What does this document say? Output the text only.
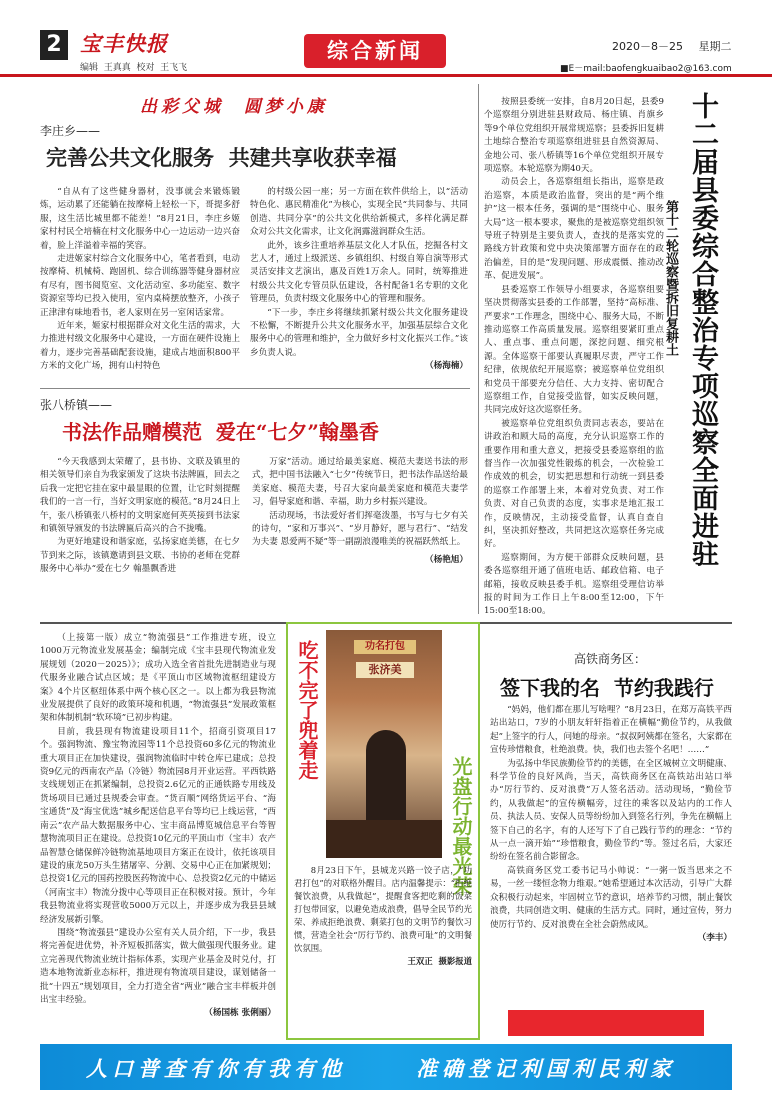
2 宝丰快报
编辑  王真真  校对  王飞飞
综合新闻	2020－8－25 星期二
■E－mail:baofengkuaibao2@163.com
出彩父城  圆梦小康
李庄乡——
完善公共文化服务  共建共享收获幸福

“自从有了这些健身器材，没事就会来锻炼锻炼，运动累了还能躺在按摩椅上轻松一下，哥提多舒服，这生活比城里都不能差！”8月21日，李庄乡姬家村村民仝培楠在村文化服务中心一边运动一边兴奋着，脸上洋溢着幸福的笑容。

走进姬家村综合文化服务中心，笔者看到，电动按摩椅、机械椅、跑固机、综合训练器等健身器材应有尽有，图书阅览室、文化活动室、多功能室、数字资源室等均已投入使用，室内桌椅摆放整齐，小孩子正津津有味地看书，老人家则在另一室闲话家常。

近年来，姬家村根据群众对文化生活的需求，大力推进村级文化服务中心建设，一方面在硬件设施上着力，逐步完善基础配套设施，建成占地面积800平方米的文化广场，拥有山村特色

的村级公园一座；另一方面在软件供给上，以“活动特色化、惠民精准化”为核心，实现全民“共同参与、共同创造、共同分享”的公共文化供给新模式，多样化满足群众对公共文化需求，让文化润露滋润群众生活。

此外，该乡注重培养基层文化人才队伍，挖掘各村文艺人才，通过上级派送、乡镇组织、村级自筹自演等形式灵活安排文艺演出，惠及百姓1万余人。同时，统筹推进村级公共文化专管员队伍建设，各村配备1名专职的文化管理员，负责村级文化服务中心的管理和服务。

“下一步，李庄乡将继续抓紧村级公共文化服务建设不松懈，不断提升公共文化服务水平，加强基层综合文化服务中心的管理和维护，全力做好乡村文化振兴工作。”该乡负责人说。

（杨海楠）
张八桥镇——
书法作品赠模范  爱在“七夕”翰墨香

“今天我感到太荣耀了，县书协、文联及镇里的相关领导们亲自为我家颁发了这块书法牌匾，回去之后我一定把它挂在家中最显眼的位置，让它时刻提醒我们的一言一行，当好文明家庭的模范。”8月24日上午，张八桥镇张八桥村的文明家庭何英英接到书法家和镇领导颁发的书法牌匾后高兴的合不拢嘴。

为更好地建设和谐家庭，弘扬家庭美德，在七夕节到来之际，该镇邀请到县文联、书协的老师在党群服务中心举办“爱在七夕 翰墨飘香进

万家”活动。通过给最美家庭、模范夫妻送书法的形式，把中国书法融入“七夕”传统节日，把书法作品送给最美家庭、模范夫妻，号召大家向最美家庭和模范夫妻学习，倡导家庭和谐、幸福，助力乡村振兴建设。

活动现场，书法爱好者们挥毫泼墨，书写与七夕有关的诗句，“家和万事兴”、“岁月静好，愿与君行”、“结发为夫妻 恩爱两不疑”等一副副浪漫唯美的祝福跃然纸上。

（杨艳旭）

按照县委统一安排，自8月20日起，县委9个巡察组分别进驻县财政局、杨庄镇、肖旗乡等9个单位党组织开展常规巡察；县委拆旧复耕土地综合整治专项巡察组进驻县自然资源局、金地公司、张八桥镇等16个单位党组织开展专项巡察。本轮巡察为期40天。

动员会上，各巡察组组长指出，巡察是政治巡察，本质是政治监督，突出的是“两个维护”这一根本任务，强调的是“围绕中心、服务大局”这一根本要求，聚焦的是被巡察党组织领导班子特别是主要负责人，查找的是落实党的路线方针政策和党中央决策部署方面存在的政治偏差，目的是“发现问题、形成震慑、推动改革、促进发展”。

县委巡察工作领导小组要求，各巡察组要坚决贯彻落实县委的工作部署，坚持“高标准、严要求”工作理念，围绕中心、服务大局，不断推动巡察工作高质量发展。巡察组要紧盯重点人、重点事、重点问题，深挖问题、细究根源。全体巡察干部要认真履职尽责，严守工作纪律，依规依纪开展巡察；被巡察单位党组织和党员干部要充分信任、大力支持、密切配合巡察组工作，自觉接受监督，如实反映问题，共同完成好这次巡察任务。

被巡察单位党组织负责同志表态，要站在讲政治和顾大局的高度，充分认识巡察工作的重要作用和重大意义，把接受县委巡察组的监督当作一次加强党性锻炼的机会，一次检验工作成效的机会，切实把思想和行动统一到县委的巡察工作部署上来，本着对党负责、对工作负责、对自己负责的态度，实事求是地汇报工作，反映情况，主动接受监督，认真自查自纠，坚决抓好整改，共同把这次巡察任务完成好。

巡察期间，为方便干部群众反映问题，县委各巡察组开通了值班电话、邮政信箱、电子邮箱，接收反映县委手机。巡察组受理信访举报的时间为工作日上午8:00至12:00，下午15:00至18:00。

十二届县委综合整治专项巡察全面进驻
第十二轮巡察暨拆旧复耕土

（上接第一版）成立“物流强县”工作推进专班，设立1000万元物流业发展基金；编制完成《宝丰县现代物流业发展规划（2020－2025）》；成功入选全省首批先进制造业与现代服务业融合试点区域；是《平顶山市区域物流枢纽建设方案》4个片区枢纽体系中两个核心区之一。以上都为我县物流业发展提供了良好的政策环境和机遇，“物流强县”发展政策框架和体制机制“软环境”已初步构建。

目前，我县现有物流建设项目11个，招商引资项目17个。强润物流、豫宝物流园等11个总投资60多亿元的物流业重大项目正在加快建设，强润物流临时中转仓库已建成；总投资9亿元的西南农产品（冷链）物流园8月开业运营。平西铁路支线规划正在抓紧编制，总投资2.6亿元的正通铁路专用线及货场项目已通过县规委会审查。“货百顺”网络货运平台、“海宝通货”及“海宝优选”城乡配送信息平台等均已上线运营，“西南云”农产品大数据服务中心、宝丰商品博览城信息平台等智慧物流项目正在建设。总投资10亿元的平顶山市（宝丰）农产品智慧仓储保鲜冷链物流基地项目方案正在设计，依托该项目建设的康龙50万头生猪屠宰、分割、交易中心正在加紧规划；总投资1亿元的国药控股医药物流中心、总投资2亿元的中储运（河南宝丰）物流分拨中心等项目正在积极对接。预计，今年我县物流业将实现营收5000万元以上，并逐步成为我县县域经济发展新引擎。

围绕“物流强县”建设办公室有关人员介绍，下一步，我县将完善促进优势，补齐短板抓落实，做大做强现代服务业。建立完善现代物流业统计指标体系，实现产业基金及时兑付，打造本地物流新业态标杆，推进现有物流项目建设，谋划储备一批“十四五”规划项目，全力打造全省“两业”融合宝丰样板并创出宝丰经验。

（杨国栋 张俐丽）
吃不完了兜着走	功名打包
张济美
光盘行动最光荣

8月23日下午，县城龙兴路一饺子店，“功君打包”的对联格外醒目。店内温馨提示：“拒绝餐饮浪费，从我做起”，提醒食客把吃剩的饭菜打包带回家，以避免造成浪费，倡导全民节约光荣、养成拒绝浪费、剩菜打包的文明节约餐饮习惯，营造全社会“厉行节约、浪费可耻”的文明餐饮氛围。

王双正  摄影报道
高铁商务区：
签下我的名  节约我践行

“妈妈，他们都在那儿写啥哩？”8月23日，在郑万高铁平西站出站口，7岁的小朋友轩轩指着正在横幅“勤俭节约，从我做起”上签字的行人，问她的母亲。“叔叔阿姨都在签名，大家都在宣传珍惜粮食，杜绝浪费。快，我们也去签个名吧！……”

为弘扬中华民族勤俭节约的美德，在全区城树立文明健康、科学节俭的良好风尚，当天，高铁商务区在高铁站出站口举办“厉行节约、反对浪费”万人签名活动。活动现场，“勤俭节约，从我做起”的宣传横幅旁，过往的乘客以及站内的工作人员、执法人员、安保人员等纷纷加入到签名行列，争先在横幅上签下自己的名字，有的人还写下了自己践行节约的理念：“节约从一点一滴开始”“珍惜粮食，勤俭节约”等。签过名后，大家还纷纷在签名前合影留念。

高铁商务区党工委书记马小帅说：“一粥一饭当思来之不易，一丝一缕恒念物力维艰。”她希望通过本次活动，引导广大群众积极行动起来，牢固树立节约意识，培养节约习惯，制止餐饮浪费，共同创造文明、健康的生活方式。同时，通过宣传，努力使厉行节约、反对浪费在全社会蔚然成风。

（李丰）

人口普查有你有我有他	准确登记利国利民利家
